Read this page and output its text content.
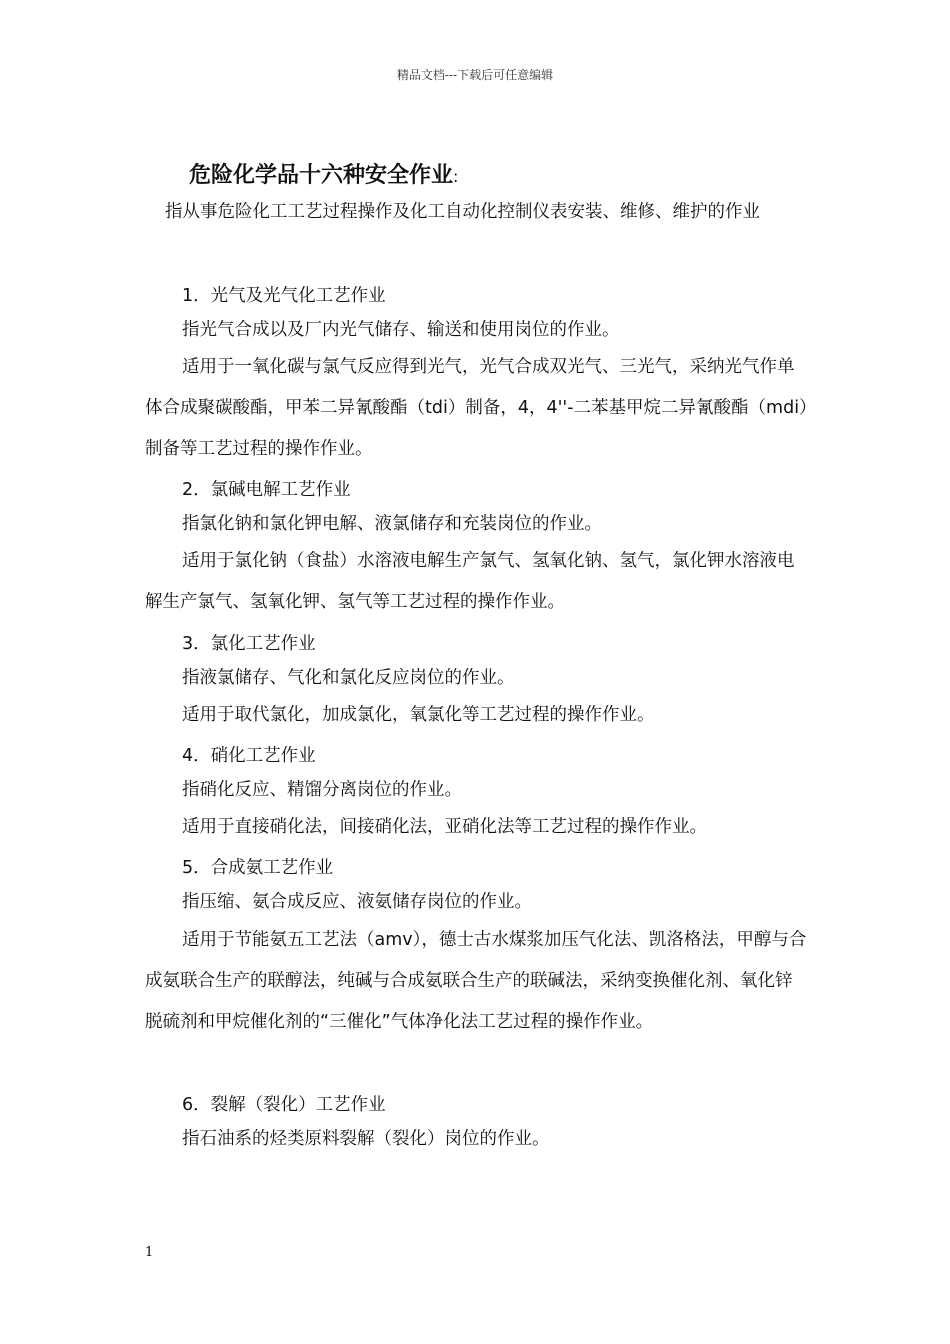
精品文档---下载后可任意编辑
危险化学品十六种安全作业:

指从事危险化工工艺过程操作及化工自动化控制仪表安装、维修、维护的作业

1．光气及光气化工艺作业

指光气合成以及厂内光气储存、输送和使用岗位的作业。

适用于一氧化碳与氯气反应得到光气，光气合成双光气、三光气，采纳光气作单体合成聚碳酸酯，甲苯二异氰酸酯（tdi）制备，4，4''-二苯基甲烷二异氰酸酯（mdi）制备等工艺过程的操作作业。

2．氯碱电解工艺作业

指氯化钠和氯化钾电解、液氯储存和充装岗位的作业。

适用于氯化钠（食盐）水溶液电解生产氯气、氢氧化钠、氢气，氯化钾水溶液电解生产氯气、氢氧化钾、氢气等工艺过程的操作作业。

3．氯化工艺作业

指液氯储存、气化和氯化反应岗位的作业。

适用于取代氯化，加成氯化，氧氯化等工艺过程的操作作业。

4．硝化工艺作业

指硝化反应、精馏分离岗位的作业。

适用于直接硝化法，间接硝化法，亚硝化法等工艺过程的操作作业。

5．合成氨工艺作业

指压缩、氨合成反应、液氨储存岗位的作业。

适用于节能氨五工艺法（amv），德士古水煤浆加压气化法、凯洛格法，甲醇与合成氨联合生产的联醇法，纯碱与合成氨联合生产的联碱法，采纳变换催化剂、氧化锌脱硫剂和甲烷催化剂的“三催化”气体净化法工艺过程的操作作业。

6．裂解（裂化）工艺作业

指石油系的烃类原料裂解（裂化）岗位的作业。

1
